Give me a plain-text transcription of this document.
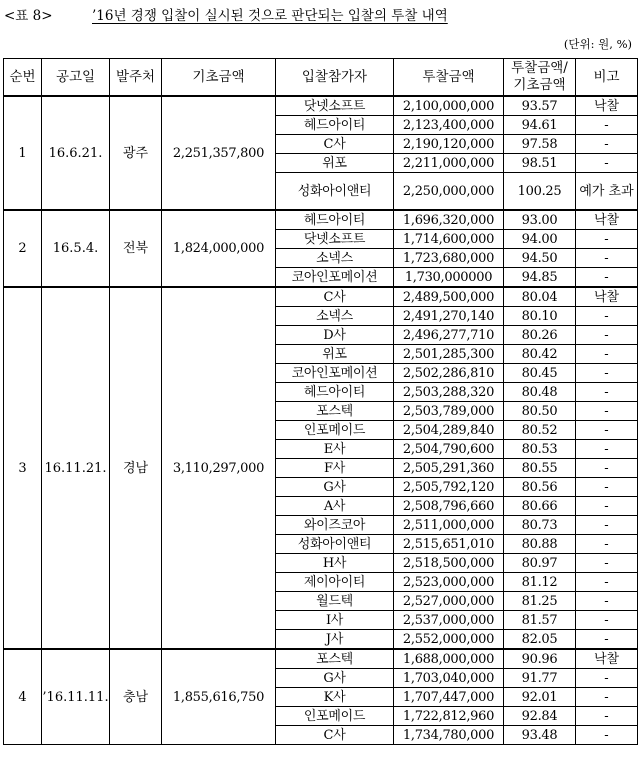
<표 8>	’16년 경쟁 입찰이 실시된 것으로 판단되는 입찰의 투찰 내역
(단위: 원, %)
순번	공고일	발주처	기초금액	입찰참가자	투찰금액	투찰금액/ 기초금액	비고
1	16.6.21.	광주	2,251,357,800	닷넷소프트	2,100,000,000	93.57	낙찰
				헤드아이티	2,123,400,000	94.61	-
				C사	2,190,120,000	97.58	-
				위포	2,211,000,000	98.51	-
				성화아이앤티	2,250,000,000	100.25	예가 초과
2	16.5.4.	전북	1,824,000,000	헤드아이티	1,696,320,000	93.00	낙찰
				닷넷소프트	1,714,600,000	94.00	-
				소넥스	1,723,680,000	94.50	-
				코아인포메이션	1,730,000000	94.85	-
3	16.11.21.	경남	3,110,297,000	C사	2,489,500,000	80.04	낙찰
				소넥스	2,491,270,140	80.10	-
				D사	2,496,277,710	80.26	-
				위포	2,501,285,300	80.42	-
				코아인포메이션	2,502,286,810	80.45	-
				헤드아이티	2,503,288,320	80.48	-
				포스텍	2,503,789,000	80.50	-
				인포메이드	2,504,289,840	80.52	-
				E사	2,504,790,600	80.53	-
				F사	2,505,291,360	80.55	-
				G사	2,505,792,120	80.56	-
				A사	2,508,796,660	80.66	-
				와이즈코아	2,511,000,000	80.73	-
				성화아이앤티	2,515,651,010	80.88	-
				H사	2,518,500,000	80.97	-
				제이아이티	2,523,000,000	81.12	-
				월드텍	2,527,000,000	81.25	-
				I사	2,537,000,000	81.57	-
				J사	2,552,000,000	82.05	-
4	’16.11.11.	충남	1,855,616,750	포스텍	1,688,000,000	90.96	낙찰
				G사	1,703,040,000	91.77	-
				K사	1,707,447,000	92.01	-
				인포메이드	1,722,812,960	92.84	-
				C사	1,734,780,000	93.48	-
